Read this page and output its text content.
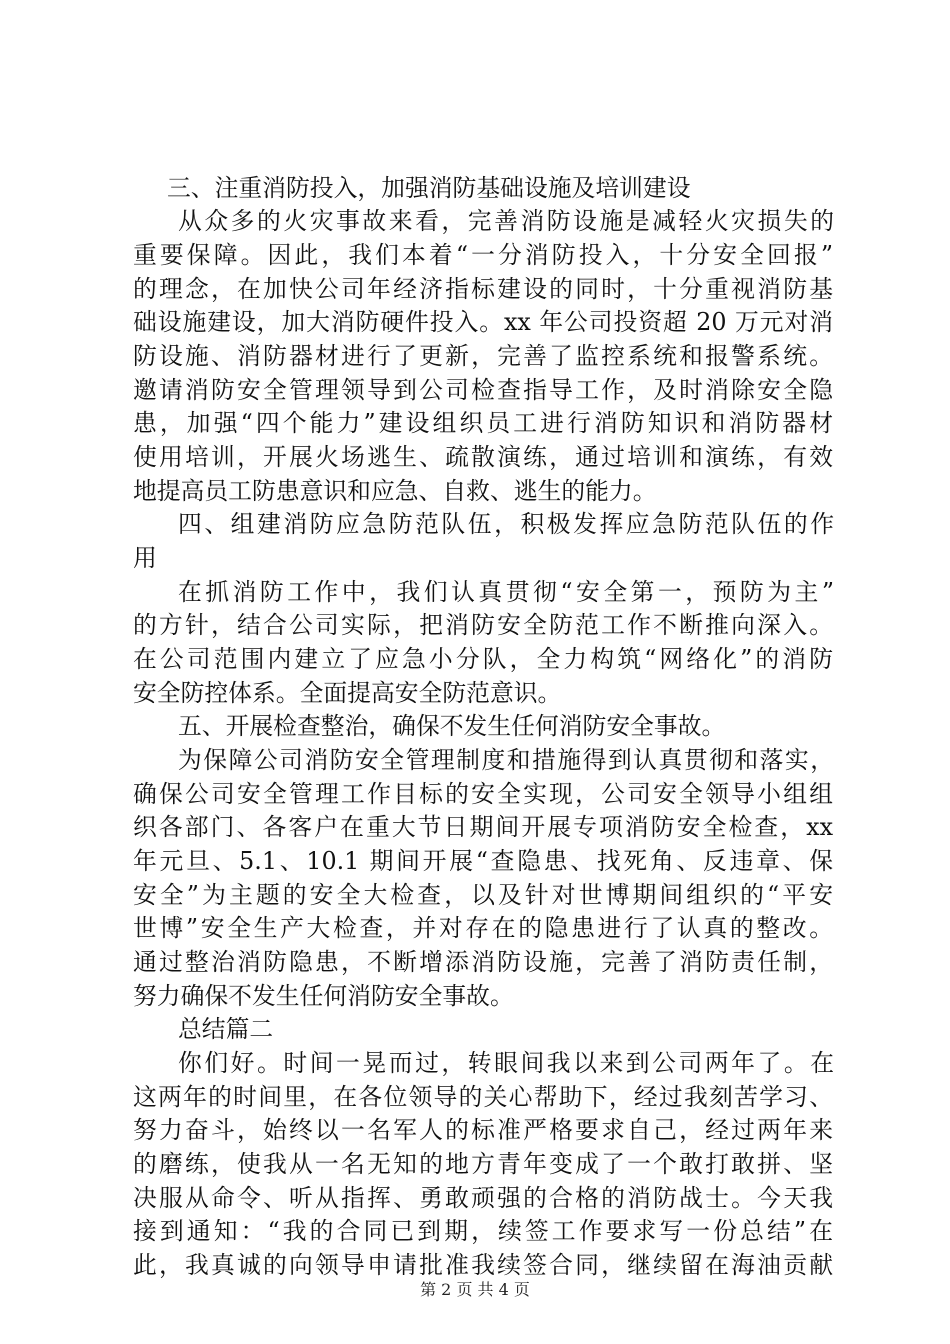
三、注重消防投入，加强消防基础设施及培训建设
从众多的火灾事故来看，完善消防设施是减轻火灾损失的
重要保障。因此，我们本着“一分消防投入，十分安全回报”
的理念，在加快公司年经济指标建设的同时，十分重视消防基
础设施建设，加大消防硬件投入。xx 年公司投资超 20 万元对消
防设施、消防器材进行了更新，完善了监控系统和报警系统。
邀请消防安全管理领导到公司检查指导工作，及时消除安全隐
患，加强“四个能力”建设组织员工进行消防知识和消防器材
使用培训，开展火场逃生、疏散演练，通过培训和演练，有效
地提高员工防患意识和应急、自救、逃生的能力。
四、组建消防应急防范队伍，积极发挥应急防范队伍的作
用
在抓消防工作中，我们认真贯彻“安全第一，预防为主”
的方针，结合公司实际，把消防安全防范工作不断推向深入。
在公司范围内建立了应急小分队，全力构筑“网络化”的消防
安全防控体系。全面提高安全防范意识。
五、开展检查整治，确保不发生任何消防安全事故。
为保障公司消防安全管理制度和措施得到认真贯彻和落实，
确保公司安全管理工作目标的安全实现，公司安全领导小组组
织各部门、各客户在重大节日期间开展专项消防安全检查，xx
年元旦、5.1、10.1 期间开展“查隐患、找死角、反违章、保
安全”为主题的安全大检查，以及针对世博期间组织的“平安
世博”安全生产大检查，并对存在的隐患进行了认真的整改。
通过整治消防隐患，不断增添消防设施，完善了消防责任制，
努力确保不发生任何消防安全事故。
总结篇二
你们好。时间一晃而过，转眼间我以来到公司两年了。在
这两年的时间里，在各位领导的关心帮助下，经过我刻苦学习、
努力奋斗，始终以一名军人的标准严格要求自己，经过两年来
的磨练，使我从一名无知的地方青年变成了一个敢打敢拼、坚
决服从命令、听从指挥、勇敢顽强的合格的消防战士。今天我
接到通知：“我的合同已到期，续签工作要求写一份总结”在
此，我真诚的向领导申请批准我续签合同，继续留在海油贡献
第 2 页 共 4 页
